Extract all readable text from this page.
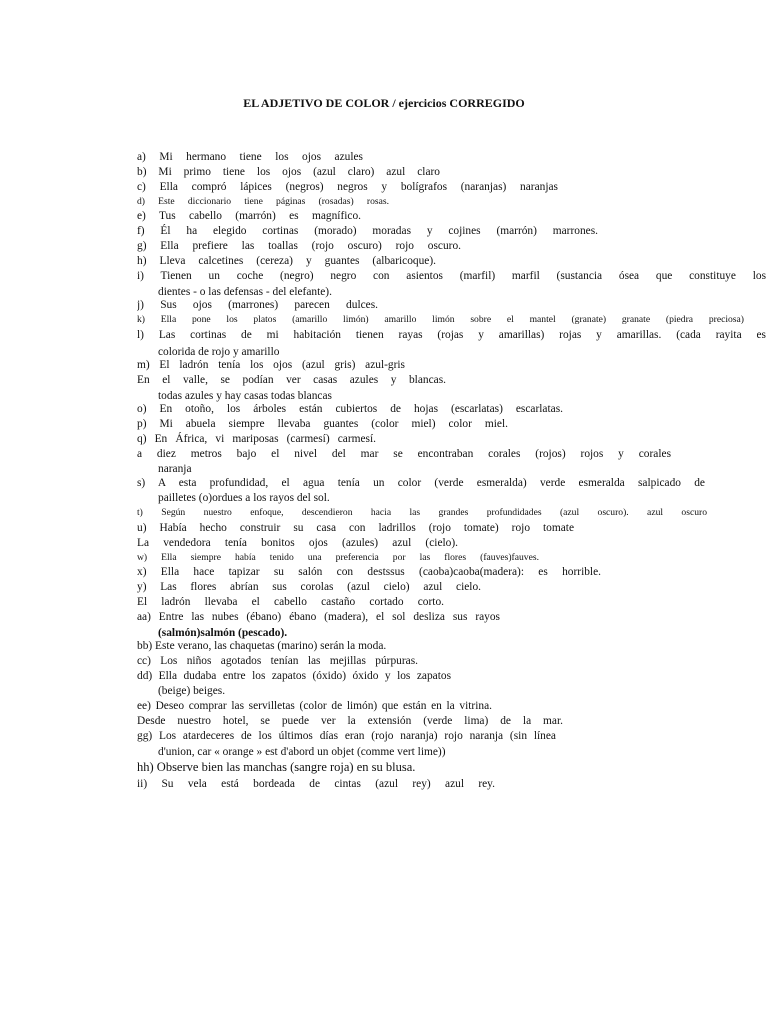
EL ADJETIVO DE COLOR / ejercicios CORREGIDO
a) Mi hermano tiene los ojos azules
b) Mi primo tiene los ojos (azul claro) azul claro
c) Ella compró lápices (negros) negros y bolígrafos (naranjas) naranjas
d) Este diccionario tiene páginas (rosadas) rosas.
e) Tus cabello (marrón) es magnífico.
f) Él ha elegido cortinas (morado) moradas y cojines (marrón) marrones.
g) Ella prefiere las toallas (rojo oscuro) rojo oscuro.
h) Lleva calcetines (cereza) y guantes (albaricoque).
i) Tienen un coche (negro) negro con asientos (marfil) marfil (sustancia ósea que constituye los
dientes - o las defensas - del elefante).
j) Sus ojos (marrones) parecen dulces.
k) Ella pone los platos (amarillo limón) amarillo limón sobre el mantel (granate) granate (piedra preciosa)
l) Las cortinas de mi habitación tienen rayas (rojas y amarillas) rojas y amarillas. (cada rayita es
colorida de rojo y amarillo
m) El ladrón tenía los ojos (azul gris) azul-gris
En el valle, se podían ver casas azules y blancas.
todas azules y hay casas todas blancas
o) En otoño, los árboles están cubiertos de hojas (escarlatas) escarlatas.
p) Mi abuela siempre llevaba guantes (color miel) color miel.
q) En África, vi mariposas (carmesí) carmesí.
a diez metros bajo el nivel del mar se encontraban corales (rojos) rojos y corales
naranja
s) A esta profundidad, el agua tenía un color (verde esmeralda) verde esmeralda salpicado de
pailletes (o)ordues a los rayos del sol.
t) Según nuestro enfoque, descendieron hacia las grandes profundidades (azul oscuro). azul oscuro
u) Había hecho construir su casa con ladrillos (rojo tomate) rojo tomate
La vendedora tenía bonitos ojos (azules) azul (cielo).
w) Ella siempre había tenido una preferencia por las flores (fauves)fauves.
x) Ella hace tapizar su salón con destssus (caoba)caoba(madera): es horrible.
y) Las flores abrían sus corolas (azul cielo) azul cielo.
El ladrón llevaba el cabello castaño cortado corto.
aa) Entre las nubes (ébano) ébano (madera), el sol desliza sus rayos
(salmón)salmón (pescado).
bb) Este verano, las chaquetas (marino) serán la moda.
cc) Los niños agotados tenían las mejillas púrpuras.
dd) Ella dudaba entre los zapatos (óxido) óxido y los zapatos
(beige) beiges.
ee) Deseo comprar las servilletas (color de limón) que están en la vitrina.
Desde nuestro hotel, se puede ver la extensión (verde lima) de la mar.
gg) Los atardeceres de los últimos días eran (rojo naranja) rojo naranja (sin línea
d'union, car « orange » est d'abord un objet (comme vert lime))
hh) Observe bien las manchas (sangre roja) en su blusa.
ii) Su vela está bordeada de cintas (azul rey) azul rey.
